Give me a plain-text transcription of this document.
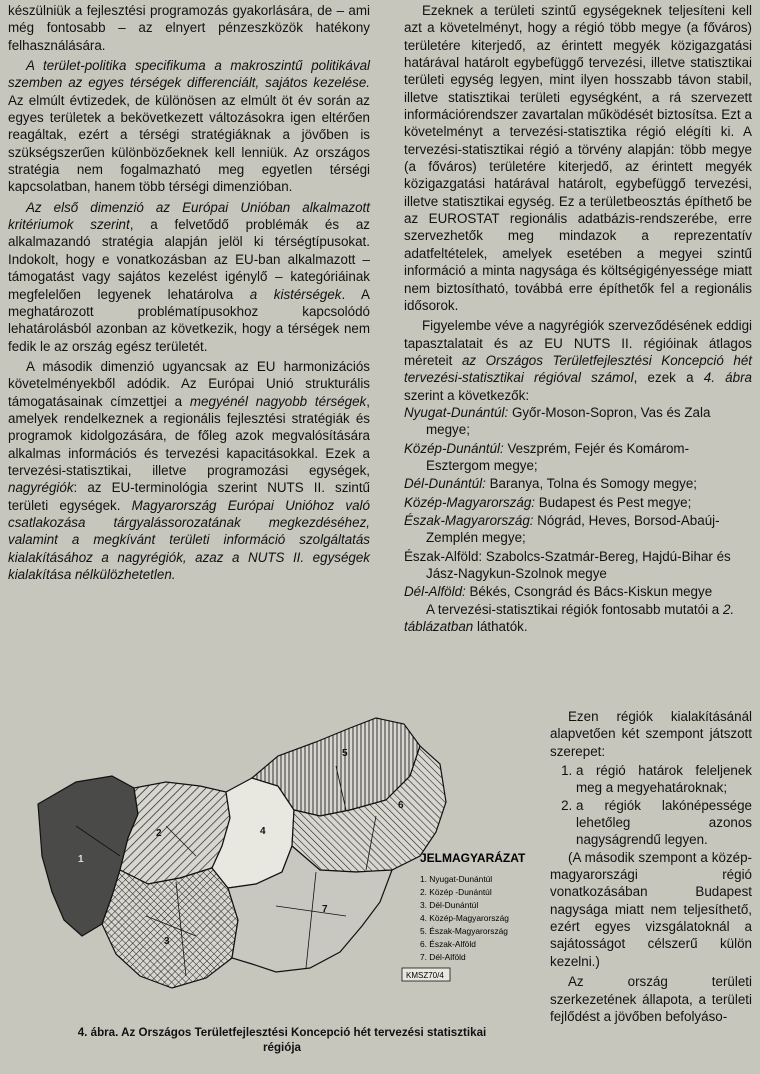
készülniük a fejlesztési programozás gyakorlására, de – ami még fontosabb – az elnyert pénzeszközök hatékony felhasználására.

A terület-politika specifikuma a makroszintű politikával szemben az egyes térségek differenciált, sajátos kezelése. Az elmúlt évtizedek, de különösen az elmúlt öt év során az egyes területek a bekövetkezett változásokra igen eltérően reagáltak, ezért a térségi stratégiáknak a jövőben is szükségszerűen különbözőeknek kell lenniük. Az országos stratégia nem fogalmazható meg egyetlen térségi kapcsolatban, hanem több térségi dimenzióban.

Az első dimenzió az Európai Unióban alkalmazott kritériumok szerint, a felvetődő problémák és az alkalmazandó stratégia alapján jelöl ki térségtípusokat. Indokolt, hogy e vonatkozásban az EU-ban alkalmazott – támogatást vagy sajátos kezelést igénylő – kategóriáinak megfelelően legyenek lehatárolva a kistérségek. A meghatározott problématípusokhoz kapcsolódó lehatárolásból azonban az következik, hogy a térségek nem fedik le az ország egész területét.

A második dimenzió ugyancsak az EU harmonizációs követelményekből adódik. Az Európai Unió strukturális támogatásainak címzettjei a megyénél nagyobb térségek, amelyek rendelkeznek a regionális fejlesztési stratégiák és programok kidolgozására, de főleg azok megvalósítására alkalmas információs és tervezési kapacitásokkal. Ezek a tervezési-statisztikai, illetve programozási egységek, nagyrégiók: az EU-terminológia szerint NUTS II. szintű területi egységek. Magyarország Európai Unióhoz való csatlakozása tárgyalássorozatának megkezdéséhez, valamint a megkívánt területi információ szolgáltatás kialakításához a nagyrégiók, azaz a NUTS II. egységek kialakítása nélkülözhetetlen.

Ezeknek a területi szintű egységeknek teljesíteni kell azt a követelményt, hogy a régió több megye (a főváros) területére kiterjedő, az érintett megyék közigazgatási határával határolt egybefüggő tervezési, illetve statisztikai területi egység legyen, mint ilyen hosszabb távon stabil, illetve statisztikai területi egységként, a rá szervezett információrendszer zavartalan működését biztosítsa. Ezt a követelményt a tervezési-statisztika régió elégíti ki. A tervezési-statisztikai régió a törvény alapján: több megye (a főváros) területére kiterjedő, az érintett megyék közigazgatási határával határolt, egybefüggő tervezési, illetve statisztikai egység. Ez a területbeosztás építhető be az EUROSTAT regionális adatbázis-rendszerébe, erre szervezhetők meg mindazok a reprezentatív adatfeltételek, amelyek esetében a megyei szintű információ a minta nagysága és költségigényessége miatt nem biztosítható, továbbá erre építhetők fel a regionális idősorok.

Figyelembe véve a nagyrégiók szerveződésének eddigi tapasztalatait és az EU NUTS II. régióinak átlagos méreteit az Országos Területfejlesztési Koncepció hét tervezési-statisztikai régióval számol, ezek a 4. ábra szerint a következők:

Nyugat-Dunántúl: Győr-Moson-Sopron, Vas és Zala megye;

Közép-Dunántúl: Veszprém, Fejér és Komárom-Esztergom megye;

Dél-Dunántúl: Baranya, Tolna és Somogy megye;

Közép-Magyarország: Budapest és Pest megye;

Észak-Magyarország: Nógrád, Heves, Borsod-Abaúj-Zemplén megye;

Észak-Alföld: Szabolcs-Szatmár-Bereg, Hajdú-Bihar és Jász-Nagykun-Szolnok megye

Dél-Alföld: Békés, Csongrád és Bács-Kiskun megye

A tervezési-statisztikai régiók fontosabb mutatói a 2. táblázatban láthatók.

Ezen régiók kialakításánál alapvetően két szempont játszott szerepet:

1. a régió határok feleljenek meg a megyehatároknak;
2. a régiók lakónépessége lehetőleg azonos nagyságrendű legyen.

(A második szempont a közép-magyarországi régió vonatkozásában Budapest nagysága miatt nem teljesíthető, ezért egyes vizsgálatoknál a sajátosságot célszerű külön kezelni.)

Az ország területi szerkezetének állapota, a területi fejlődést a jövőben befolyáso-

1
2
3
4
5
6
7
JELMAGYARÁZAT
1. Nyugat-Dunántúl
2. Közép -Dunántúl
3. Dél-Dunántúl
4. Közép-Magyarország
5. Észak-Magyarország
6. Észak-Alföld
7. Dél-Alföld
KMSZ70/4
4. ábra. Az Országos Területfejlesztési Koncepció hét tervezési statisztikai
régiója
